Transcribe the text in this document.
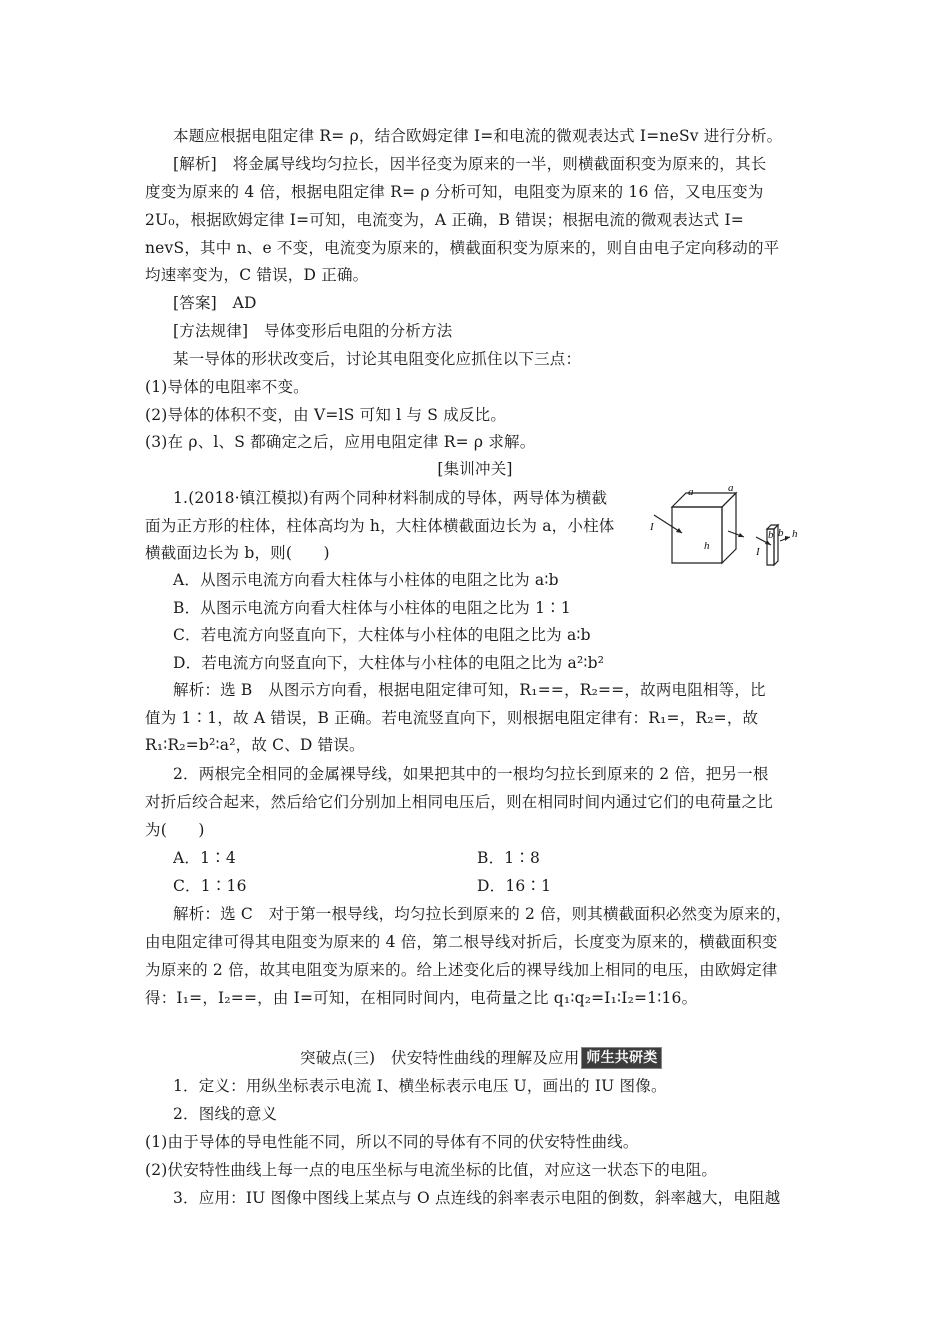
本题应根据电阻定律 R= ρ，结合欧姆定律 I=和电流的微观表达式 I=neSv 进行分析。
[解析]　将金属导线均匀拉长，因半径变为原来的一半，则横截面积变为原来的，其长
度变为原来的 4 倍，根据电阻定律 R= ρ 分析可知，电阻变为原来的 16 倍，又电压变为
2U₀，根据欧姆定律 I=可知，电流变为，A 正确，B 错误；根据电流的微观表达式 I=
nevS，其中 n、e 不变，电流变为原来的，横截面积变为原来的，则自由电子定向移动的平
均速率变为，C 错误，D 正确。
[答案]　AD
[方法规律]　导体变形后电阻的分析方法
某一导体的形状改变后，讨论其电阻变化应抓住以下三点：
(1)导体的电阻率不变。
(2)导体的体积不变，由 V=lS 可知 l 与 S 成反比。
(3)在 ρ、l、S 都确定之后，应用电阻定律 R= ρ 求解。
[集训冲关]
1.(2018·镇江模拟)有两个同种材料制成的导体，两导体为横截
面为正方形的柱体，柱体高均为 h，大柱体横截面边长为 a，小柱体
横截面边长为 b，则(　　)
A．从图示电流方向看大柱体与小柱体的电阻之比为 a∶b
B．从图示电流方向看大柱体与小柱体的电阻之比为 1∶1
C．若电流方向竖直向下，大柱体与小柱体的电阻之比为 a∶b
D．若电流方向竖直向下，大柱体与小柱体的电阻之比为 a²∶b²
解析：选 B　从图示方向看，根据电阻定律可知，R₁==，R₂==，故两电阻相等，比
值为 1∶1，故 A 错误，B 正确。若电流竖直向下，则根据电阻定律有：R₁=，R₂=，故
R₁∶R₂=b²∶a²，故 C、D 错误。
2．两根完全相同的金属裸导线，如果把其中的一根均匀拉长到原来的 2 倍，把另一根
对折后绞合起来，然后给它们分别加上相同电压后，则在相同时间内通过它们的电荷量之比
为(　　)
A．1∶4	B．1∶8
C．1∶16	D．16∶1
解析：选 C　对于第一根导线，均匀拉长到原来的 2 倍，则其横截面积必然变为原来的，
由电阻定律可得其电阻变为原来的 4 倍，第二根导线对折后，长度变为原来的，横截面积变
为原来的 2 倍，故其电阻变为原来的。给上述变化后的裸导线加上相同的电压，由欧姆定律
得：I₁=，I₂==，由 I=可知，在相同时间内，电荷量之比 q₁∶q₂=I₁∶I₂=1∶16。
突破点(三)　伏安特性曲线的理解及应用 师生共研类
1．定义：用纵坐标表示电流 I、横坐标表示电压 U，画出的 IU 图像。
2．图线的意义
(1)由于导体的导电性能不同，所以不同的导体有不同的伏安特性曲线。
(2)伏安特性曲线上每一点的电压坐标与电流坐标的比值，对应这一状态下的电阻。
3．应用：IU 图像中图线上某点与 O 点连线的斜率表示电阻的倒数，斜率越大，电阻越
a	a
h
I
b b
I
h
